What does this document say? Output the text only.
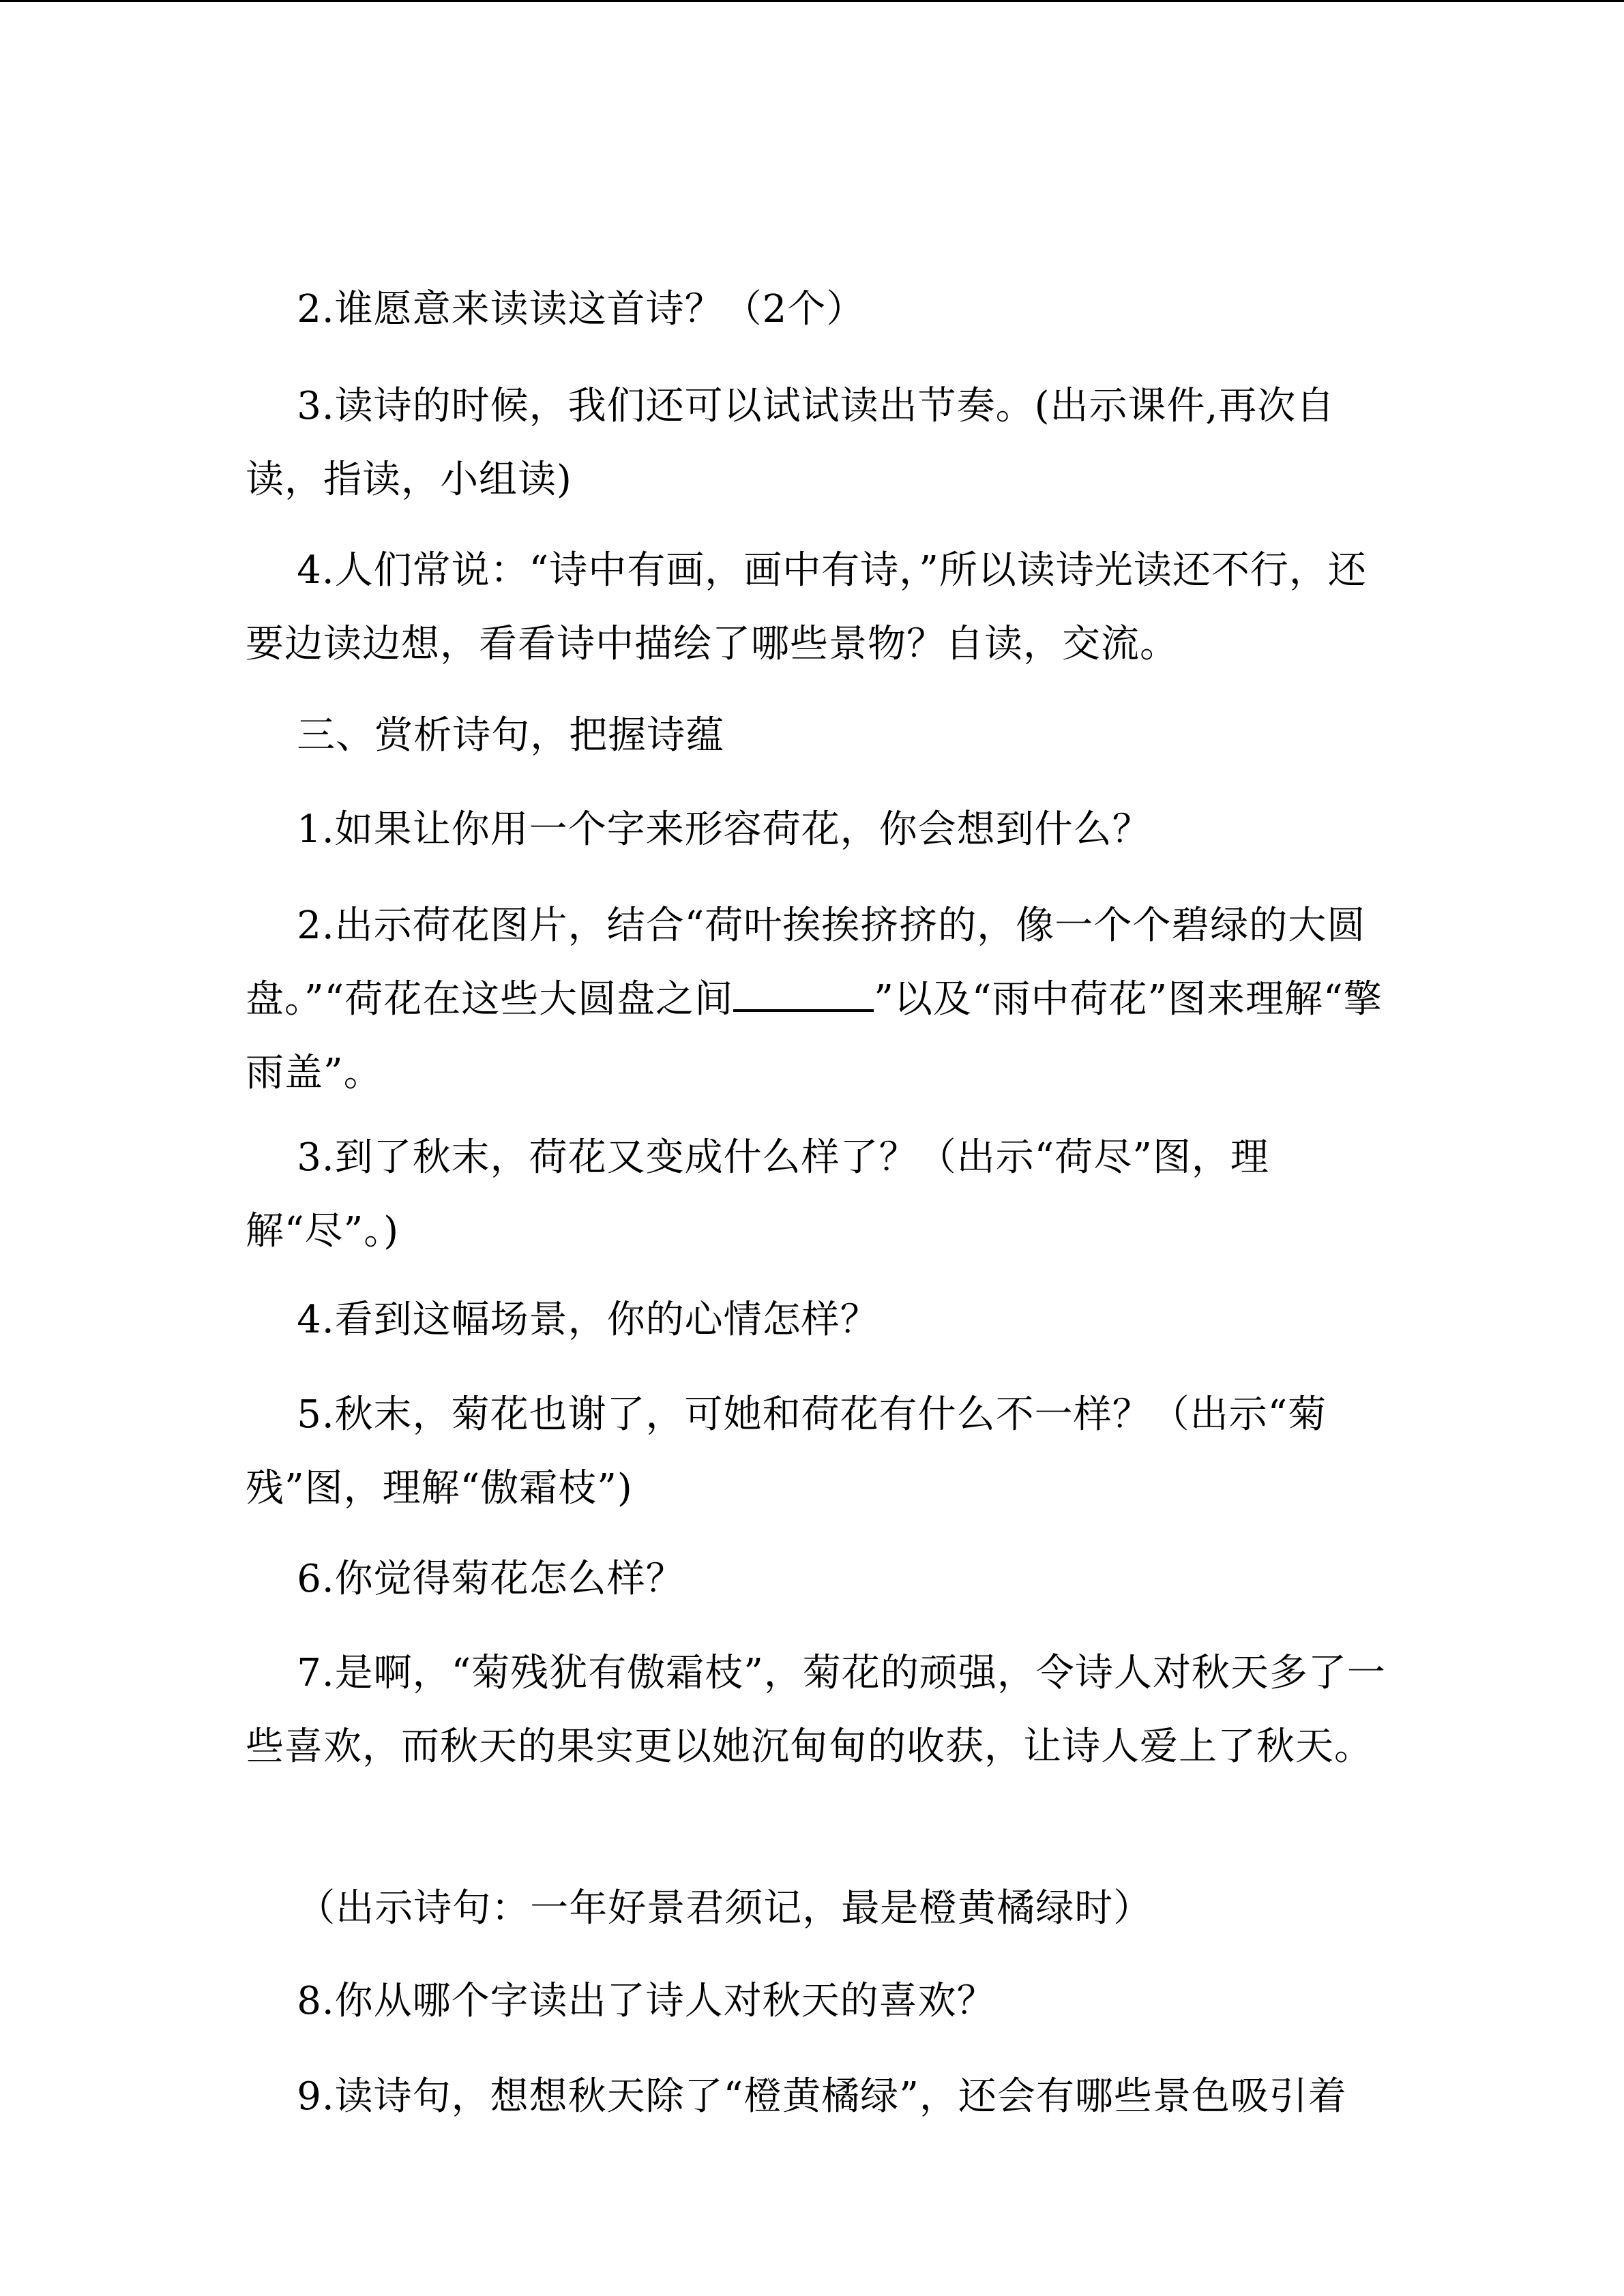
2.谁愿意来读读这首诗？（2个）

3.读诗的时候，我们还可以试试读出节奏。(出示课件,再次自读，指读，小组读)

4.人们常说：“诗中有画，画中有诗，”所以读诗光读还不行，还要边读边想，看看诗中描绘了哪些景物？自读，交流。

三、赏析诗句，把握诗蕴

1.如果让你用一个字来形容荷花，你会想到什么？

2.出示荷花图片，结合“荷叶挨挨挤挤的，像一个个碧绿的大圆盘。”“荷花在这些大圆盘之间	”以及“雨中荷花”图来理解“擎雨盖”。

3.到了秋末，荷花又变成什么样了？（出示“荷尽”图，理解“尽”。)

4.看到这幅场景，你的心情怎样？

5.秋末，菊花也谢了，可她和荷花有什么不一样？（出示“菊残”图，理解“傲霜枝”)

6.你觉得菊花怎么样？

7.是啊，“菊残犹有傲霜枝”，菊花的顽强，令诗人对秋天多了一些喜欢，而秋天的果实更以她沉甸甸的收获，让诗人爱上了秋天。

（出示诗句：一年好景君须记，最是橙黄橘绿时）

8.你从哪个字读出了诗人对秋天的喜欢？

9.读诗句，想想秋天除了“橙黄橘绿”，还会有哪些景色吸引着
